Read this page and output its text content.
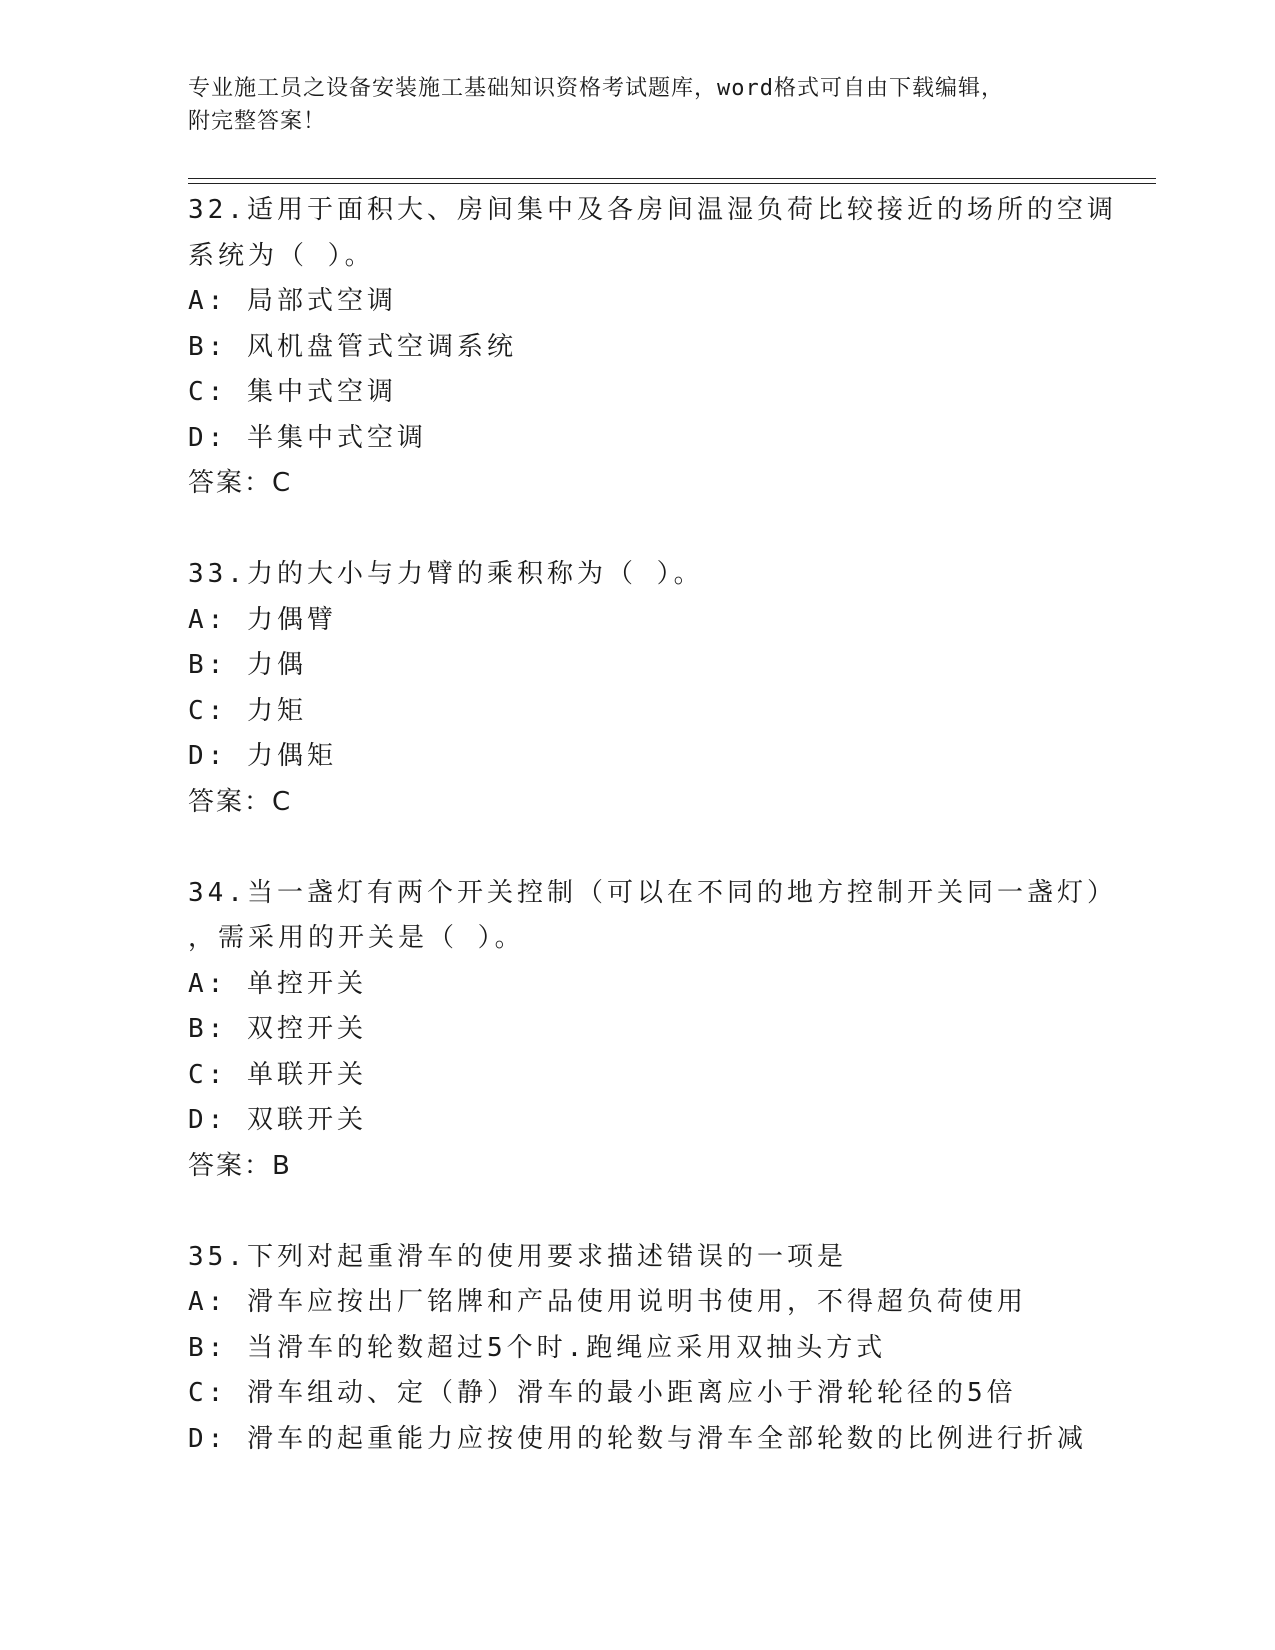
专业施工员之设备安装施工基础知识资格考试题库，word格式可自由下载编辑，
附完整答案！
32.适用于面积大、房间集中及各房间温湿负荷比较接近的场所的空调
系统为（ ）。
A: 局部式空调
B: 风机盘管式空调系统
C: 集中式空调
D: 半集中式空调
答案：C
33.力的大小与力臂的乘积称为（ ）。
A: 力偶臂
B: 力偶
C: 力矩
D: 力偶矩
答案：C
34.当一盏灯有两个开关控制（可以在不同的地方控制开关同一盏灯）
，需采用的开关是（ ）。
A: 单控开关
B: 双控开关
C: 单联开关
D: 双联开关
答案：B
35.下列对起重滑车的使用要求描述错误的一项是
A: 滑车应按出厂铭牌和产品使用说明书使用，不得超负荷使用
B: 当滑车的轮数超过5个时.跑绳应采用双抽头方式
C: 滑车组动、定（静）滑车的最小距离应小于滑轮轮径的5倍
D: 滑车的起重能力应按使用的轮数与滑车全部轮数的比例进行折减
